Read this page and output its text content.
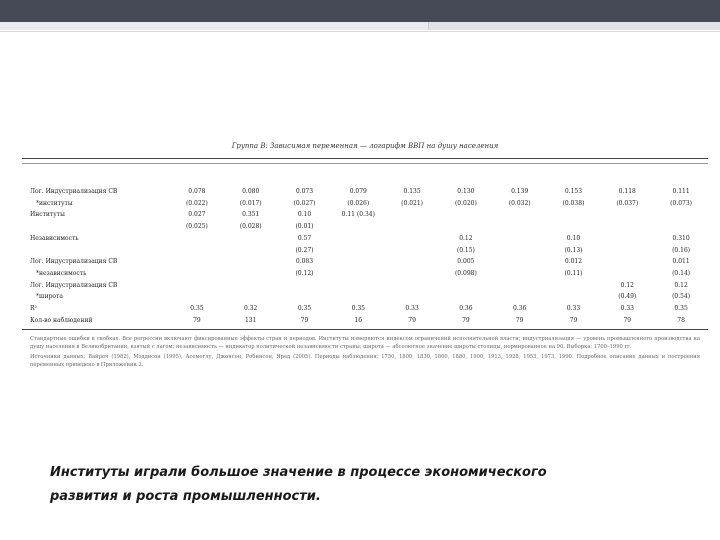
Группа В: Зависимая переменная — логарифм ВВП на душу населения
Лог. Индустриализация СВ	0.078	0.080	0.073	0.079	0.135	0.130	0.139	0.153	0.118	0.111
*институты	(0.022)	(0.017)	(0.027)	(0.026)	(0.021)	(0.020)	(0.032)	(0.038)	(0.037)	(0.073)
Институты	0.027	0.351	0.10	0.11 (0.34)						
	(0.025)	(0.028)	(0.01)							
Независимость			0.57			0.12		0.10		0.310
			(0.27)			(0.15)		(0.13)		(0.16)
Лог. Индустриализация СВ			0.083			0.005		0.012		0.011
*независимость			(0.12)			(0.098)		(0.11)		(0.14)
Лог. Индустриализация СВ									0.12	0.12
*широта									(0.49)	(0.54)
R²	0.35	0.32	0.35	0.35	0.33	0.36	0.36	0.33	0.33	0.35
Кол-во наблюдений	79	131	79	16	79	79	79	79	79	78

Стандартные ошибки в скобках. Все регрессии включают фиксированные эффекты стран и периодов. Институты измеряются индексом ограничений исполнительной власти; индустриализация — уровень промышленного производства на душу населения в Великобритании, взятый с лагом; независимость — индикатор политической независимости страны; широта — абсолютное значение широты столицы, нормированное на 90. Выборка: 1700–1990 гг.

Источники данных: Вайроч (1982), Мэддисон (1995), Асемоглу, Джонсон, Робинсон, Яред (2005). Периоды наблюдения: 1750, 1800, 1830, 1860, 1880, 1900, 1913, 1928, 1953, 1973, 1990. Подробное описание данных и построения переменных приведено в Приложении 2.

Институты играли большое значение в процессе экономического
развития и роста промышленности.
